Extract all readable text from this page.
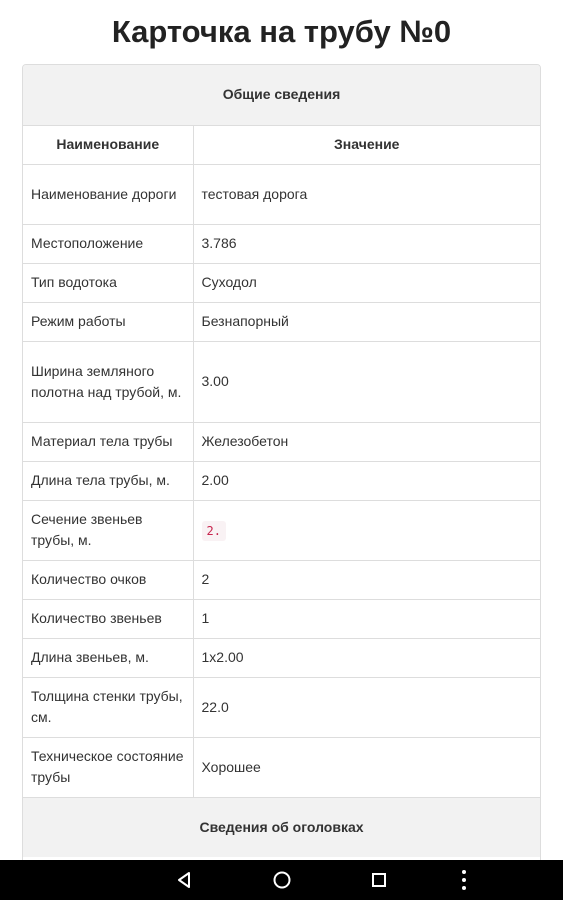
Карточка на трубу №0
Общие сведения	
Наименование	Значение
Наименование дороги	тестовая дорога
Местоположение	3.786
Тип водотока	Суходол
Режим работы	Безнапорный
Ширина земляного полотна над трубой, м.	3.00
Материал тела трубы	Железобетон
Длина тела трубы, м.	2.00
Сечение звеньев трубы, м.	2.
Количество очков	2
Количество звеньев	1
Длина звеньев, м.	1x2.00
Толщина стенки трубы, см.	22.0
Техническое состояние трубы	Хорошее
Сведения об оголовках	
